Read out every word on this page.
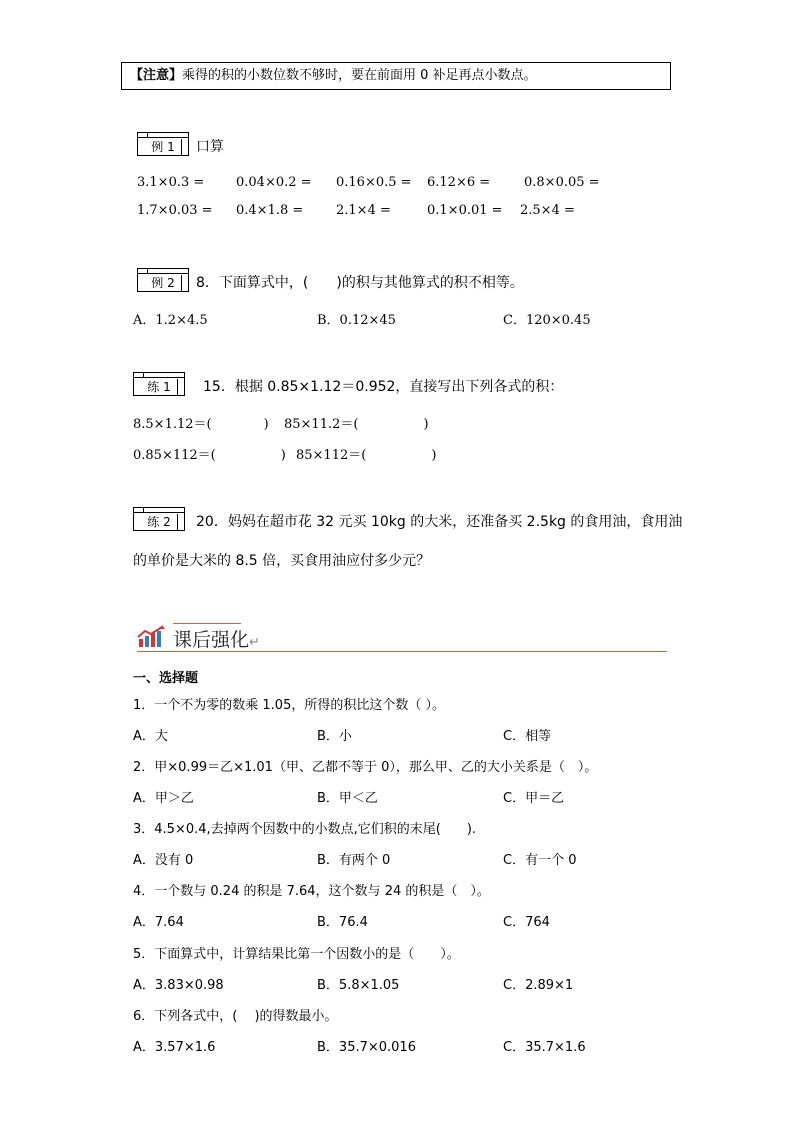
【注意】乘得的积的小数位数不够时，要在前面用 0 补足再点小数点。
例 1	口算
3.1×0.3 = 0.04×0.2 = 0.16×0.5 = 6.12×6 =	0.8×0.05 =
1.7×0.03 = 0.4×1.8 =	2.1×4 =	0.1×0.01 = 2.5×4 =
例 2	8．下面算式中，(　　)的积与其他算式的积不相等。
A．1.2×4.5	B．0.12×45	C．120×0.45
练 1	15．根据 0.85×1.12＝0.952，直接写出下列各式的积：
8.5×1.12＝(　　　　) 85×11.2＝(　　　　　)
0.85×112＝(　　　　　) 85×112＝(　　　　　)
练 2	20．妈妈在超市花 32 元买 10kg 的大米，还准备买 2.5kg 的食用油，食用油
的单价是大米的 8.5 倍，买食用油应付多少元？
课后强化↵
一、选择题
1．一个不为零的数乘 1.05，所得的积比这个数（ ）。
A．大	B．小	C．相等
2．甲×0.99＝乙×1.01（甲、乙都不等于 0），那么甲、乙的大小关系是（　）。
A．甲＞乙	B．甲＜乙	C．甲＝乙
3．4.5×0.4,去掉两个因数中的小数点,它们积的末尾(　　).
A．没有 0	B．有两个 0	C．有一个 0
4．一个数与 0.24 的积是 7.64，这个数与 24 的积是（　）。
A．7.64	B．76.4	C．764
5．下面算式中，计算结果比第一个因数小的是（　　）。
A．3.83×0.98	B．5.8×1.05	C．2.89×1
6．下列各式中，(　 )的得数最小。
A．3.57×1.6	B．35.7×0.016	C．35.7×1.6
